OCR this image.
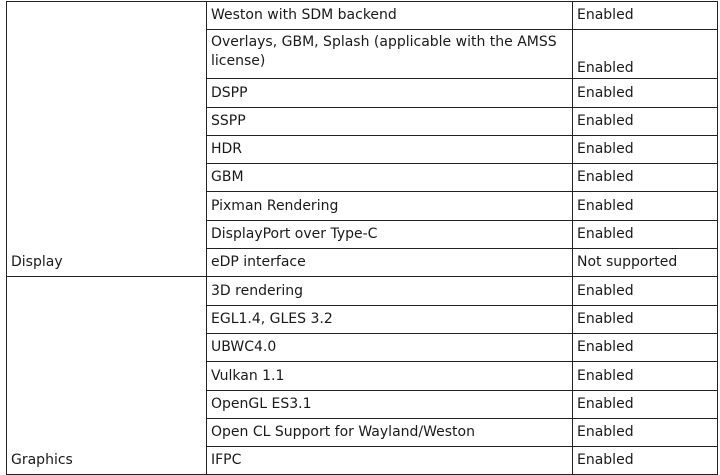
Display	Weston with SDM backend	Enabled
	Overlays, GBM, Splash (applicable with the AMSS license)	Enabled
	DSPP	Enabled
	SSPP	Enabled
	HDR	Enabled
	GBM	Enabled
	Pixman Rendering	Enabled
	DisplayPort over Type-C	Enabled
	eDP interface	Not supported
Graphics	3D rendering	Enabled
	EGL1.4, GLES 3.2	Enabled
	UBWC4.0	Enabled
	Vulkan 1.1	Enabled
	OpenGL ES3.1	Enabled
	Open CL Support for Wayland/Weston	Enabled
	IFPC	Enabled
